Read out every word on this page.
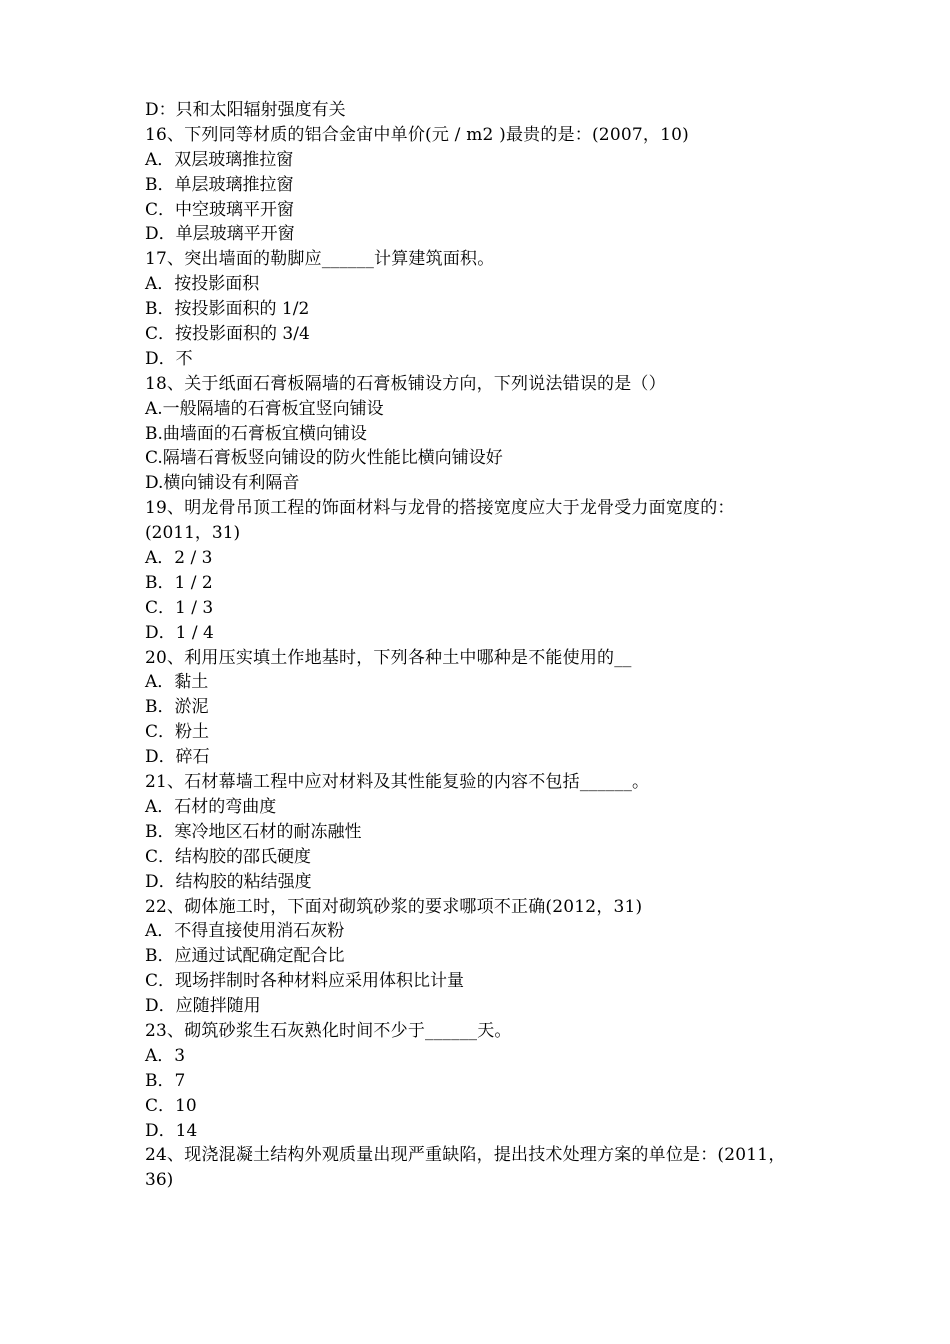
D：只和太阳辐射强度有关
16、下列同等材质的铝合金宙中单价(元 / m2 )最贵的是：(2007，10)
A．双层玻璃推拉窗
B．单层玻璃推拉窗
C．中空玻璃平开窗
D．单层玻璃平开窗
17、突出墙面的勒脚应______计算建筑面积。
A．按投影面积
B．按投影面积的 1/2
C．按投影面积的 3/4
D．不
18、关于纸面石膏板隔墙的石膏板铺设方向，下列说法错误的是（）
A.一般隔墙的石膏板宜竖向铺设
B.曲墙面的石膏板宜横向铺设
C.隔墙石膏板竖向铺设的防火性能比横向铺设好
D.横向铺设有利隔音
19、明龙骨吊顶工程的饰面材料与龙骨的搭接宽度应大于龙骨受力面宽度的：
(2011，31)
A．2 / 3
B．1 / 2
C．1 / 3
D．1 / 4
20、利用压实填土作地基时，下列各种土中哪种是不能使用的__
A．黏土
B．淤泥
C．粉土
D．碎石
21、石材幕墙工程中应对材料及其性能复验的内容不包括______。
A．石材的弯曲度
B．寒冷地区石材的耐冻融性
C．结构胶的邵氏硬度
D．结构胶的粘结强度
22、砌体施工时，下面对砌筑砂浆的要求哪项不正确(2012，31)
A．不得直接使用消石灰粉
B．应通过试配确定配合比
C．现场拌制时各种材料应采用体积比计量
D．应随拌随用
23、砌筑砂浆生石灰熟化时间不少于______天。
A．3
B．7
C．10
D．14
24、现浇混凝土结构外观质量出现严重缺陷，提出技术处理方案的单位是：(2011，
36)
